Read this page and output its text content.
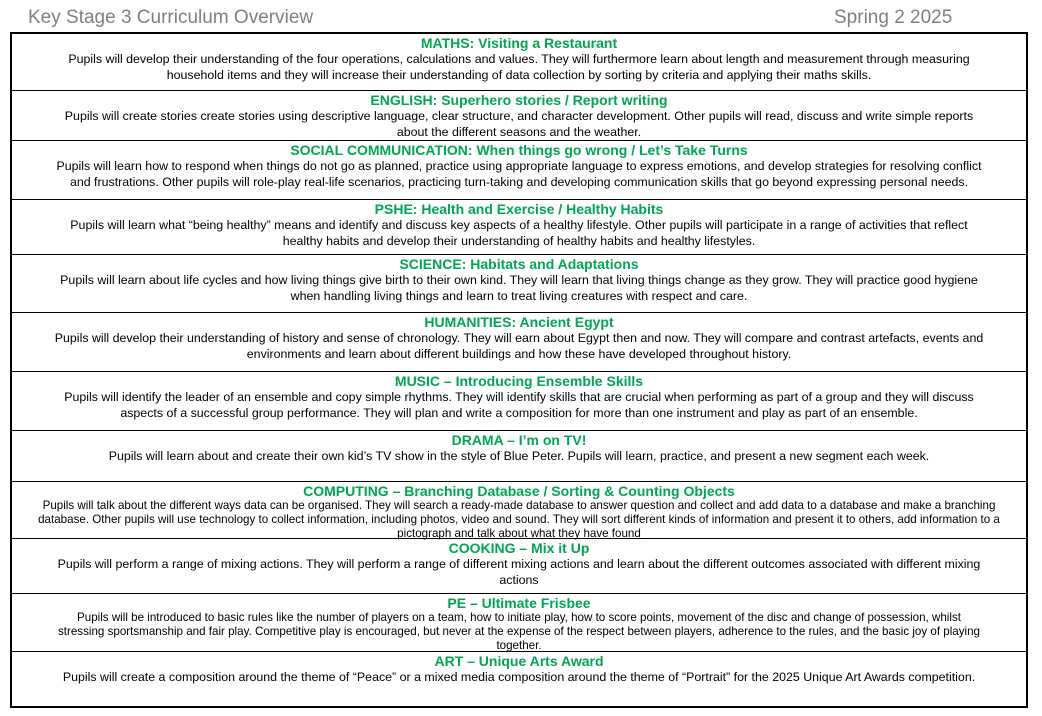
Key Stage 3 Curriculum Overview	Spring 2 2025
MATHS: Visiting a Restaurant
Pupils will develop their understanding of the four operations, calculations and values. They will furthermore learn about length and measurement through measuring
household items and they will increase their understanding of data collection by sorting by criteria and applying their maths skills.
ENGLISH: Superhero stories / Report writing
Pupils will create stories create stories using descriptive language, clear structure, and character development. Other pupils will read, discuss and write simple reports
about the different seasons and the weather.
SOCIAL COMMUNICATION: When things go wrong / Let’s Take Turns
Pupils will learn how to respond when things do not go as planned, practice using appropriate language to express emotions, and develop strategies for resolving conflict
and frustrations. Other pupils will role-play real-life scenarios, practicing turn-taking and developing communication skills that go beyond expressing personal needs.
PSHE: Health and Exercise / Healthy Habits
Pupils will learn what “being healthy” means and identify and discuss key aspects of a healthy lifestyle. Other pupils will participate in a range of activities that reflect
healthy habits and develop their understanding of healthy habits and healthy lifestyles.
SCIENCE: Habitats and Adaptations
Pupils will learn about life cycles and how living things give birth to their own kind. They will learn that living things change as they grow. They will practice good hygiene
when handling living things and learn to treat living creatures with respect and care.
HUMANITIES: Ancient Egypt
Pupils will develop their understanding of history and sense of chronology. They will earn about Egypt then and now. They will compare and contrast artefacts, events and
environments and learn about different buildings and how these have developed throughout history.
MUSIC – Introducing Ensemble Skills
Pupils will identify the leader of an ensemble and copy simple rhythms. They will identify skills that are crucial when performing as part of a group and they will discuss
aspects of a successful group performance. They will plan and write a composition for more than one instrument and play as part of an ensemble.
DRAMA – I’m on TV!
Pupils will learn about and create their own kid’s TV show in the style of Blue Peter. Pupils will learn, practice, and present a new segment each week.
COMPUTING – Branching Database / Sorting & Counting Objects
Pupils will talk about the different ways data can be organised. They will search a ready-made database to answer question and collect and add data to a database and make a branching
database. Other pupils will use technology to collect information, including photos, video and sound. They will sort different kinds of information and present it to others, add information to a
pictograph and talk about what they have found
COOKING – Mix it Up
Pupils will perform a range of mixing actions. They will perform a range of different mixing actions and learn about the different outcomes associated with different mixing
actions
PE – Ultimate Frisbee
Pupils will be introduced to basic rules like the number of players on a team, how to initiate play, how to score points, movement of the disc and change of possession, whilst
stressing sportsmanship and fair play. Competitive play is encouraged, but never at the expense of the respect between players, adherence to the rules, and the basic joy of playing
together.
ART – Unique Arts Award
Pupils will create a composition around the theme of “Peace” or a mixed media composition around the theme of “Portrait” for the 2025 Unique Art Awards competition.
